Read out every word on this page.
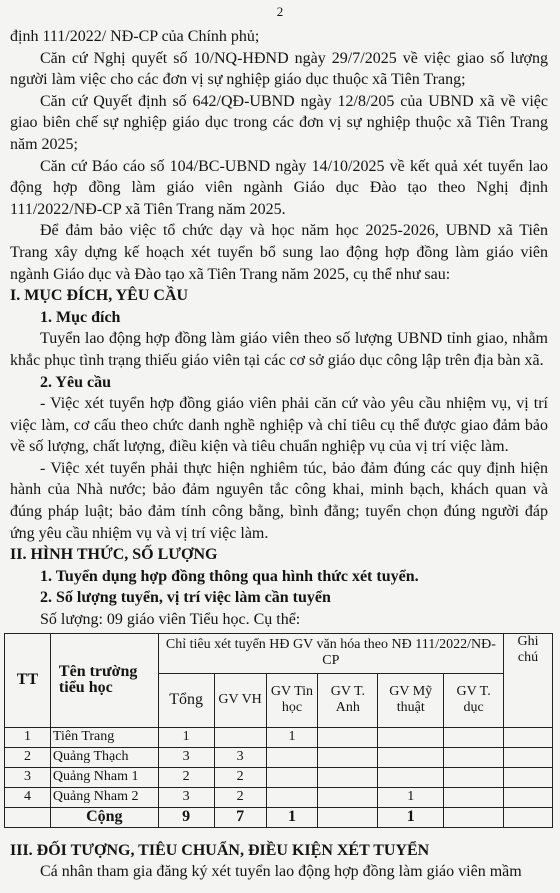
2

định 111/2022/ NĐ-CP của Chính phủ;

Căn cứ Nghị quyết số 10/NQ-HĐND ngày 29/7/2025 về việc giao số lượng người làm việc cho các đơn vị sự nghiệp giáo dục thuộc xã Tiên Trang;

Căn cứ Quyết định số 642/QĐ-UBND ngày 12/8/205 của UBND xã về việc giao biên chế sự nghiệp giáo dục trong các đơn vị sự nghiệp thuộc xã Tiên Trang năm 2025;

Căn cứ Báo cáo số 104/BC-UBND ngày 14/10/2025 về kết quả xét tuyển lao động hợp đồng làm giáo viên ngành Giáo dục Đào tạo theo Nghị định 111/2022/NĐ-CP xã Tiên Trang năm 2025.

Để đảm bảo việc tổ chức dạy và học năm học 2025-2026, UBND xã Tiên Trang xây dựng kế hoạch xét tuyển bổ sung lao động hợp đồng làm giáo viên ngành Giáo dục và Đào tạo xã Tiên Trang năm 2025, cụ thể như sau:

I. MỤC ĐÍCH, YÊU CẦU

1. Mục đích

Tuyển lao động hợp đồng làm giáo viên theo số lượng UBND tỉnh giao, nhằm khắc phục tình trạng thiếu giáo viên tại các cơ sở giáo dục công lập trên địa bàn xã.

2. Yêu cầu

- Việc xét tuyển hợp đồng giáo viên phải căn cứ vào yêu cầu nhiệm vụ, vị trí việc làm, cơ cấu theo chức danh nghề nghiệp và chỉ tiêu cụ thể được giao đảm bảo về số lượng, chất lượng, điều kiện và tiêu chuẩn nghiệp vụ của vị trí việc làm.

- Việc xét tuyển phải thực hiện nghiêm túc, bảo đảm đúng các quy định hiện hành của Nhà nước; bảo đảm nguyên tắc công khai, minh bạch, khách quan và đúng pháp luật; bảo đảm tính công bằng, bình đẳng; tuyển chọn đúng người đáp ứng yêu cầu nhiệm vụ và vị trí việc làm.

II. HÌNH THỨC, SỐ LƯỢNG

1. Tuyển dụng hợp đồng thông qua hình thức xét tuyển.

2. Số lượng tuyển, vị trí việc làm cần tuyển

Số lượng: 09 giáo viên Tiểu học. Cụ thể:

TT	Tên trường tiểu học	Chỉ tiêu xét tuyển HĐ GV văn hóa theo NĐ 111/2022/NĐ-CP						Ghi chú
		Tổng	GV VH	GV Tin học	GV T. Anh	GV Mỹ thuật	GV T. dục	
1	Tiên Trang	1		1				
2	Quảng Thạch	3	3					
3	Quảng Nham 1	2	2					
4	Quảng Nham 2	3	2			1		
	Cộng	9	7	1		1		

III. ĐỐI TƯỢNG, TIÊU CHUẨN, ĐIỀU KIỆN XÉT TUYỂN

Cá nhân tham gia đăng ký xét tuyển lao động hợp đồng làm giáo viên mầm
